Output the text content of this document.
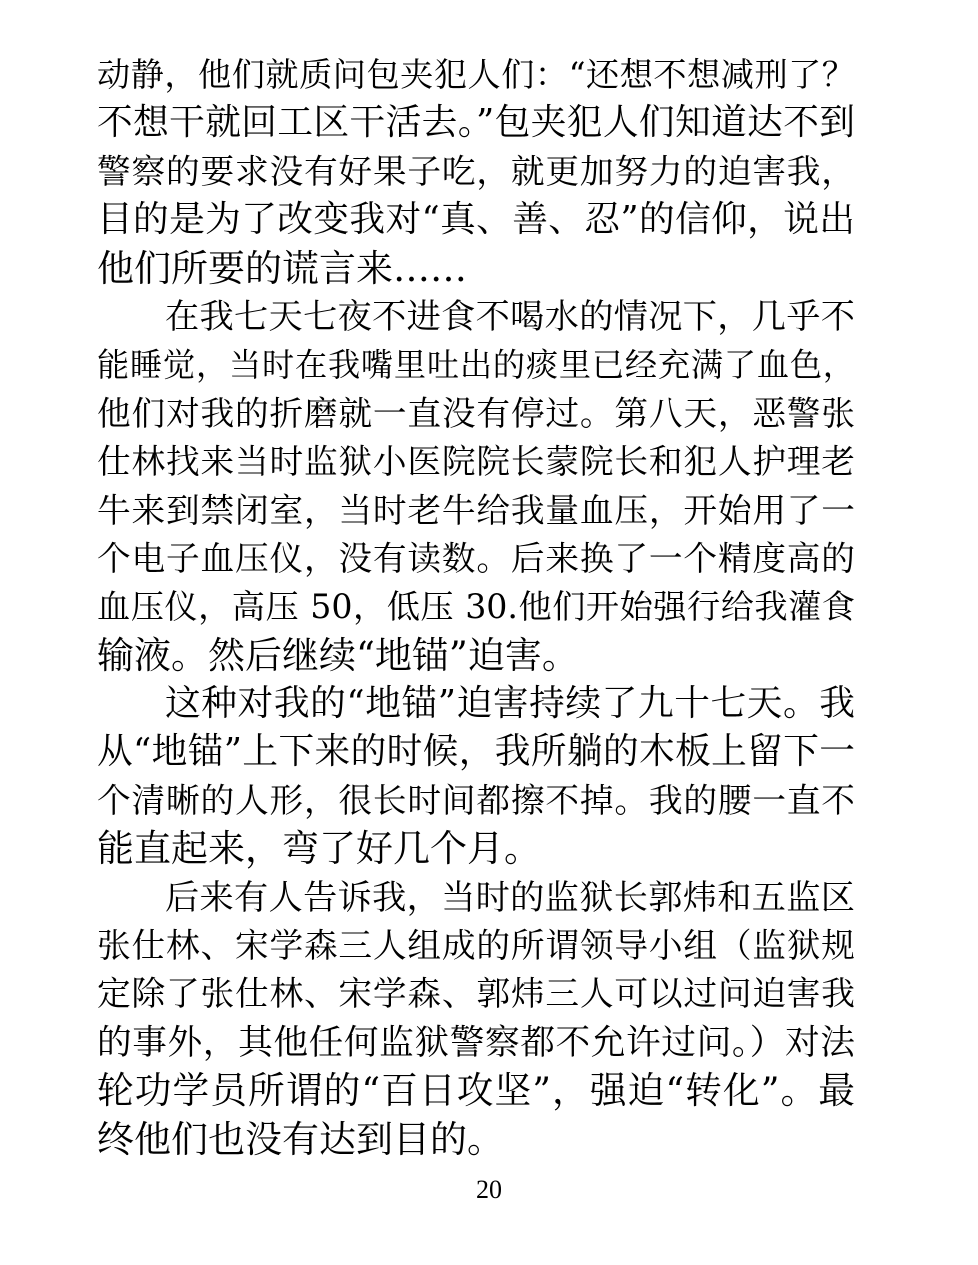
动静，他们就质问包夹犯人们：“还想不想减刑了？
不想干就回工区干活去。”包夹犯人们知道达不到
警察的要求没有好果子吃，就更加努力的迫害我，
目的是为了改变我对“真、善、忍”的信仰，说出
他们所要的谎言来……
在我七天七夜不进食不喝水的情况下，几乎不
能睡觉，当时在我嘴里吐出的痰里已经充满了血色，
他们对我的折磨就一直没有停过。第八天，恶警张
仕林找来当时监狱小医院院长蒙院长和犯人护理老
牛来到禁闭室，当时老牛给我量血压，开始用了一
个电子血压仪，没有读数。后来换了一个精度高的
血压仪，高压 50，低压 30.他们开始强行给我灌食
输液。然后继续“地锚”迫害。
这种对我的“地锚”迫害持续了九十七天。我
从“地锚”上下来的时候，我所躺的木板上留下一
个清晰的人形，很长时间都擦不掉。我的腰一直不
能直起来，弯了好几个月。
后来有人告诉我，当时的监狱长郭炜和五监区
张仕林、宋学森三人组成的所谓领导小组（监狱规
定除了张仕林、宋学森、郭炜三人可以过问迫害我
的事外，其他任何监狱警察都不允许过问。）对法
轮功学员所谓的“百日攻坚”，强迫“转化”。最
终他们也没有达到目的。
20
